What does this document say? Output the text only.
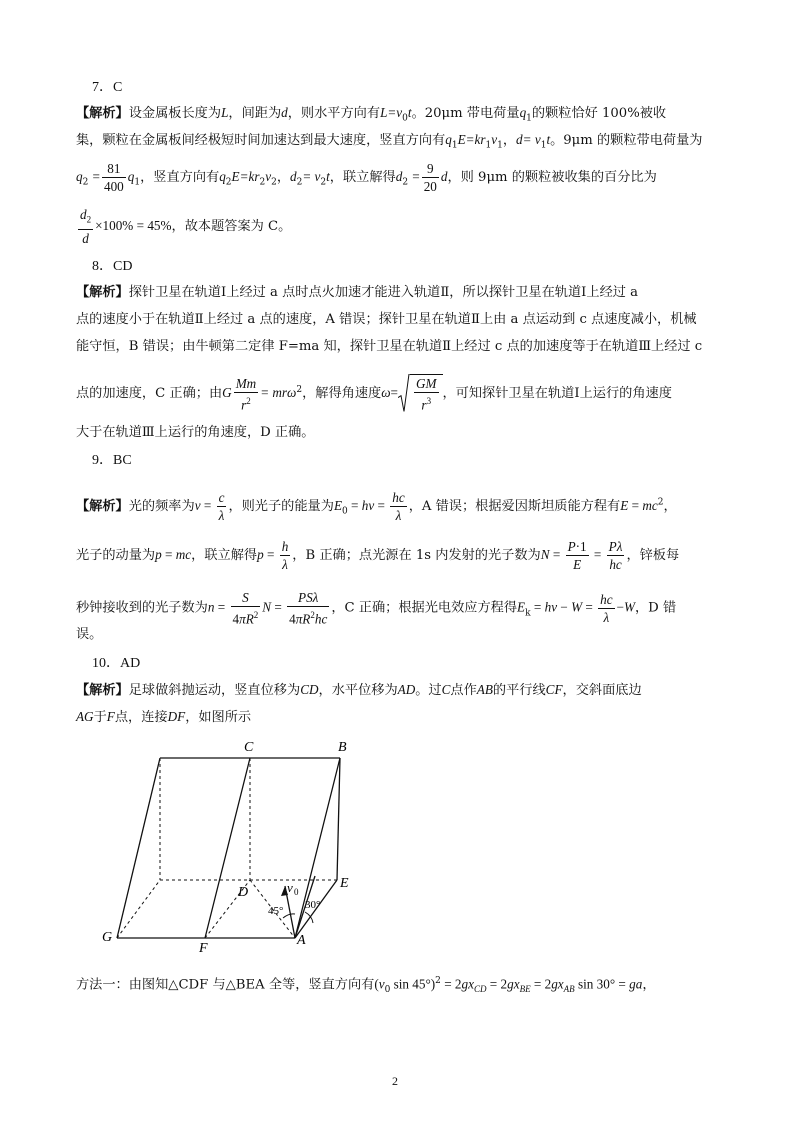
7．C
【解析】设金属板长度为L，间距为d，则水平方向有$L=v_0t$。20μm 带电荷量$q_1$的颗粒恰好 100%被收
集，颗粒在金属板间经极短时间加速达到最大速度，竖直方向有$q_1E=kr_1v_1$，$d= v_1t$。9μm 的颗粒带电荷量为
$q_2 = \frac{81}{400} q_1$，竖直方向有$q_2E=kr_2v_2$，$d_2= v_2t$，联立解得$d_2 = \frac{9}{20}$ d，则 9μm 的颗粒被收集的百分比为
$\frac{d_2}{d} \times 100\% = 45\%$，故本题答案为 C。
8．CD
【解析】探针卫星在轨道Ⅰ上经过 a 点时点火加速才能进入轨道Ⅱ，所以探针卫星在轨道Ⅰ上经过 a
点的速度小于在轨道Ⅱ上经过 a 点的速度，A 错误；探针卫星在轨道Ⅱ上由 a 点运动到 c 点速度减小，机械
能守恒，B 错误；由牛顿第二定律 F=ma 知，探针卫星在轨道Ⅱ上经过 c 点的加速度等于在轨道Ⅲ上经过 c
点的加速度，C 正确；由G $\frac{Mm}{r^2} = mr\omega^2$，解得角速度$\omega= \frac{GM}{r^3}$ ，可知探针卫星在轨道Ⅰ上运行的角速度
大于在轨道Ⅲ上运行的角速度，D 正确。
9．BC
【解析】光的频率为$\nu = \frac{c}{\lambda}$ ，则光子的能量为$E_0 = h\nu = \frac{hc}{\lambda}$ ，A 错误；根据爱因斯坦质能方程有$E = mc^2$，
光子的动量为p = mc，联立解得$p = \frac{h}{\lambda}$ ，B 正确；点光源在 1s 内发射的光子数为$N = \frac{P\cdot 1}{E} = \frac{P\lambda}{hc}$ ，锌板每
秒钟接收到的光子数为$n = \frac{S}{4\pi R^2}$ $N = \frac{\text{PSλ}}{4\pi R^2hc}$ ，C 正确；根据光电效应方程得$E_k = h\nu - W = \frac{hc}{\lambda} -W$，D 错
误。
10．AD
【解析】足球做斜抛运动，竖直位移为CD，水平位移为AD。过C点作AB的平行线CF，交斜面底边
AG于F点，连接DF，如图所示
C	B
D
E
G
F
A
v 0
45° 30°
方法一：由图知△CDF 与△BEA 全等，竖直方向有($v_0$ $\sin 45^\circ)^2 = 2gx_{CD} = 2gx_{BE} = 2gx_{AB}$ sin 30° = ga，
2
